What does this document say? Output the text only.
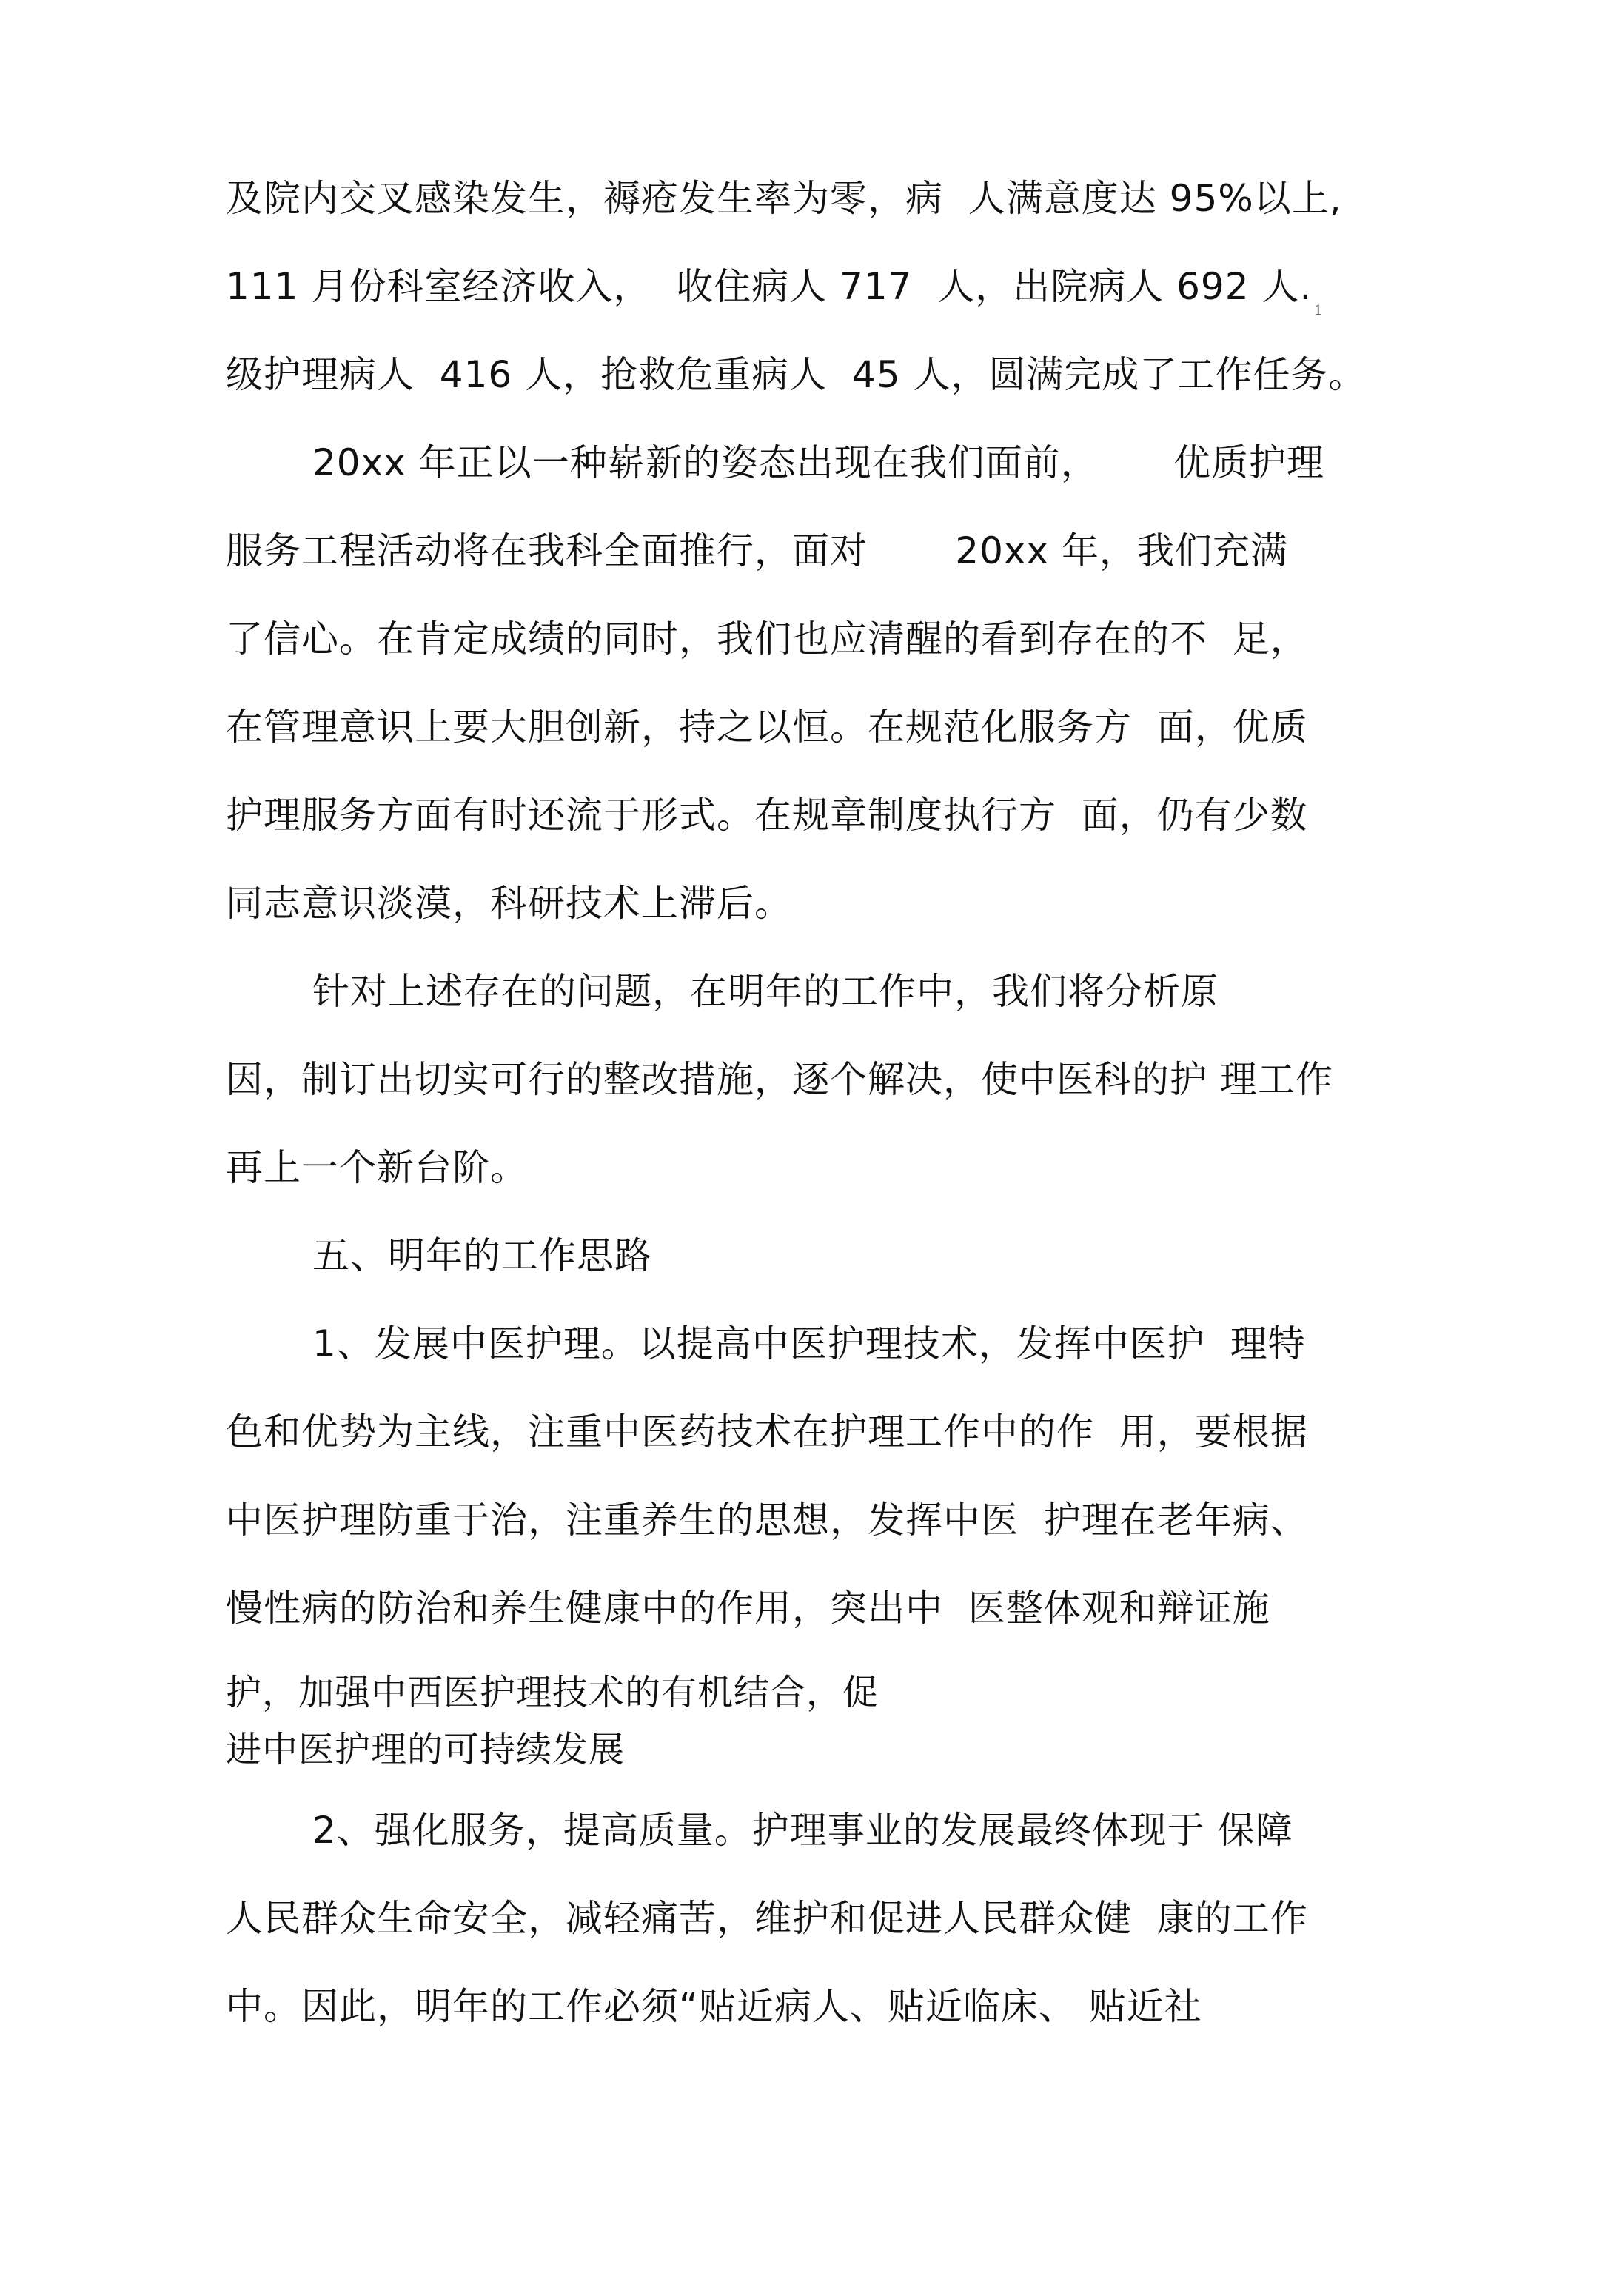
及院内交叉感染发生，褥疮发生率为零，病  人满意度达 95%以上,
111 月份科室经济收入，  收住病人 717  人，出院病人 692 人.
1
级护理病人  416 人，抢救危重病人  45 人，圆满完成了工作任务。
20xx 年正以一种崭新的姿态出现在我们面前，      优质护理
服务工程活动将在我科全面推行，面对       20xx 年，我们充满
了信心。在肯定成绩的同时，我们也应清醒的看到存在的不  足，
在管理意识上要大胆创新，持之以恒。在规范化服务方  面，优质
护理服务方面有时还流于形式。在规章制度执行方  面，仍有少数
同志意识淡漠，科研技术上滞后。
针对上述存在的问题，在明年的工作中，我们将分析原
因，制订出切实可行的整改措施，逐个解决，使中医科的护 理工作
再上一个新台阶。
五、明年的工作思路
1、发展中医护理。以提高中医护理技术，发挥中医护  理特
色和优势为主线，注重中医药技术在护理工作中的作  用，要根据
中医护理防重于治，注重养生的思想，发挥中医  护理在老年病、
慢性病的防治和养生健康中的作用，突出中  医整体观和辩证施
护，加强中西医护理技术的有机结合，促
进中医护理的可持续发展
2、强化服务，提高质量。护理事业的发展最终体现于 保障
人民群众生命安全，减轻痛苦，维护和促进人民群众健  康的工作
中。因此，明年的工作必须“贴近病人、贴近临床、 贴近社
